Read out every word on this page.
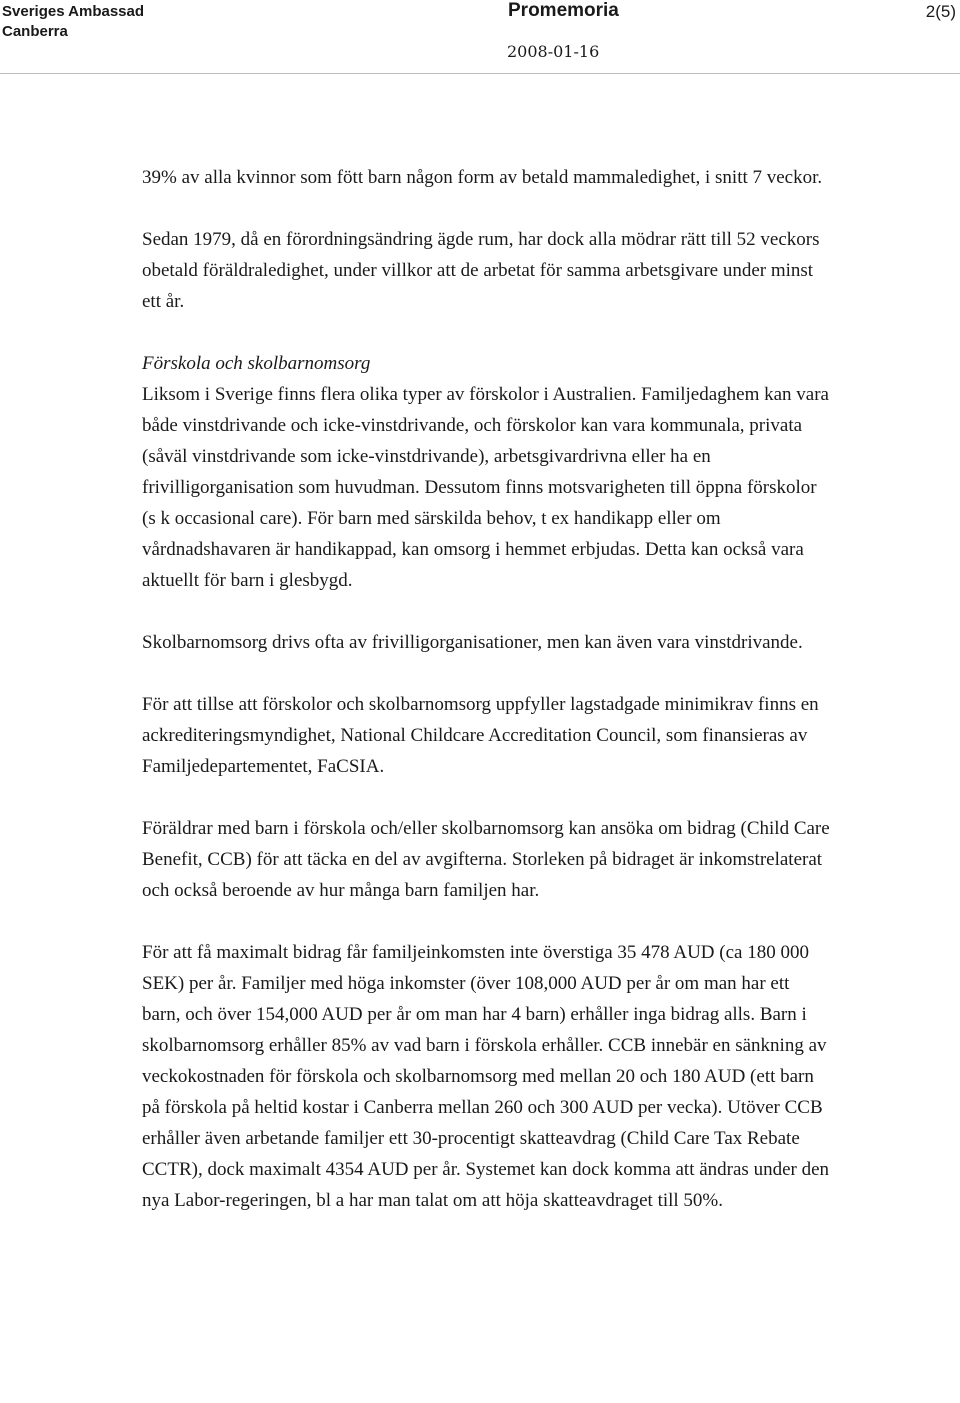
Sveriges Ambassad
Canberra
Promemoria	2(5)
2008-01-16

39% av alla kvinnor som fött barn någon form av betald mammaledighet, i snitt 7 veckor.

Sedan 1979, då en förordningsändring ägde rum, har dock alla mödrar rätt till 52 veckors obetald föräldraledighet, under villkor att de arbetat för samma arbetsgivare under minst ett år.

Förskola och skolbarnomsorg

Liksom i Sverige finns flera olika typer av förskolor i Australien. Familjedaghem kan vara både vinstdrivande och icke-vinstdrivande, och förskolor kan vara kommunala, privata (såväl vinstdrivande som icke-vinstdrivande), arbetsgivardrivna eller ha en frivilligorganisation som huvudman. Dessutom finns motsvarigheten till öppna förskolor (s k occasional care). För barn med särskilda behov, t ex handikapp eller om vårdnadshavaren är handikappad, kan omsorg i hemmet erbjudas. Detta kan också vara aktuellt för barn i glesbygd.

Skolbarnomsorg drivs ofta av frivilligorganisationer, men kan även vara vinstdrivande.

För att tillse att förskolor och skolbarnomsorg uppfyller lagstadgade minimikrav finns en ackrediteringsmyndighet, National Childcare Accreditation Council, som finansieras av Familjedepartementet, FaCSIA.

Föräldrar med barn i förskola och/eller skolbarnomsorg kan ansöka om bidrag (Child Care Benefit, CCB) för att täcka en del av avgifterna. Storleken på bidraget är inkomstrelaterat och också beroende av hur många barn familjen har.

För att få maximalt bidrag får familjeinkomsten inte överstiga 35 478 AUD (ca 180 000 SEK) per år. Familjer med höga inkomster (över 108,000 AUD per år om man har ett barn, och över 154,000 AUD per år om man har 4 barn) erhåller inga bidrag alls. Barn i skolbarnomsorg erhåller 85% av vad barn i förskola erhåller. CCB innebär en sänkning av veckokostnaden för förskola och skolbarnomsorg med mellan 20 och 180 AUD (ett barn på förskola på heltid kostar i Canberra mellan 260 och 300 AUD per vecka). Utöver CCB erhåller även arbetande familjer ett 30-procentigt skatteavdrag (Child Care Tax Rebate CCTR), dock maximalt 4354 AUD per år. Systemet kan dock komma att ändras under den nya Labor-regeringen, bl a har man talat om att höja skatteavdraget till 50%.
